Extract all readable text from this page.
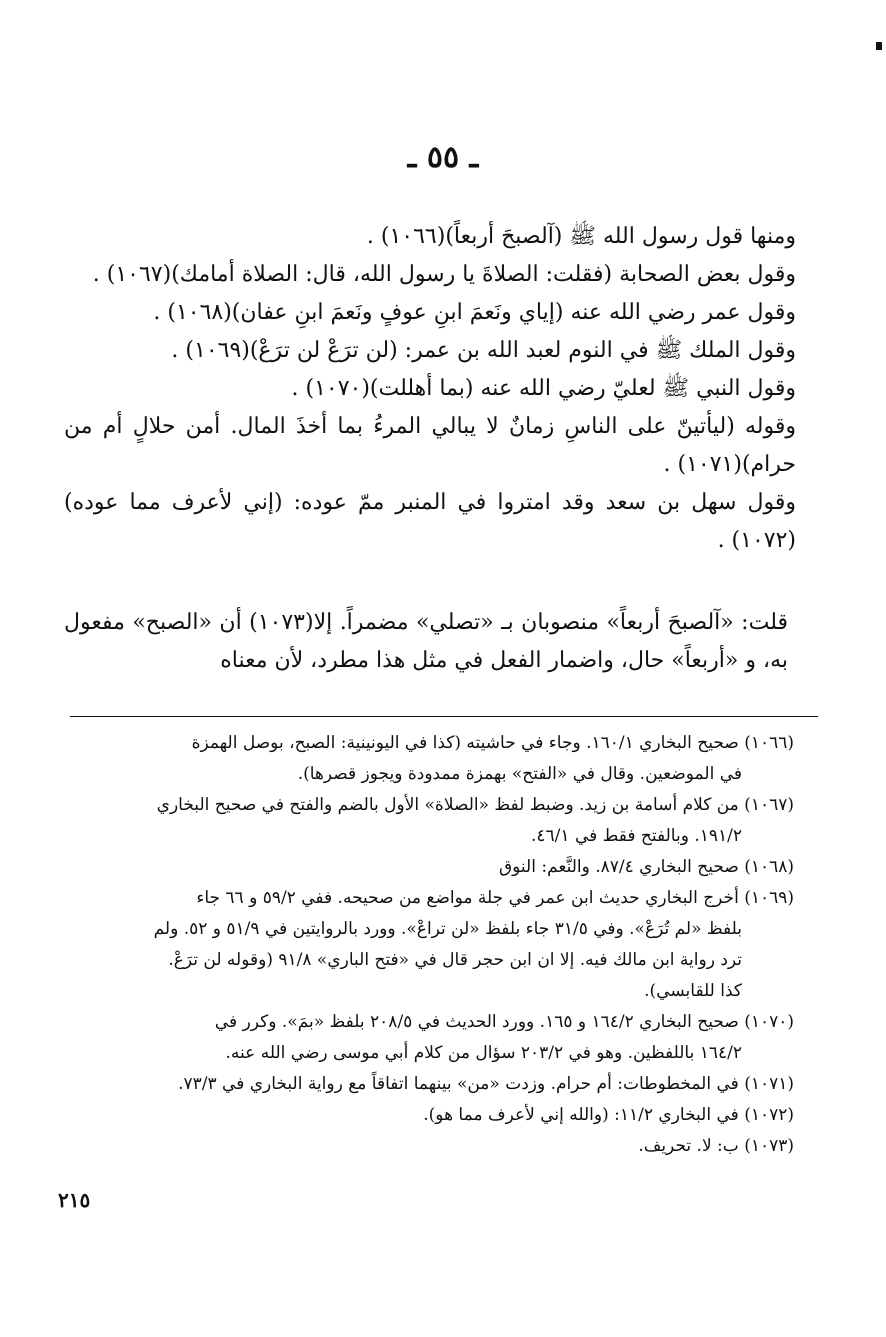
ـ ٥٥ ـ

ومنها قول رسول الله ﷺ (آلصبحَ أربعاً)(١٠٦٦) .

وقول بعض الصحابة (فقلت: الصلاةَ يا رسول الله، قال: الصلاة أمامك)(١٠٦٧) .

وقول عمر رضي الله عنه (إياي ونَعمَ ابنِ عوفٍ ونَعمَ ابنِ عفان)(١٠٦٨) .

وقول الملك ﷺ في النوم لعبد الله بن عمر: (لن ترَعْ لن ترَعْ)(١٠٦٩) .

وقول النبي ﷺ لعليّ رضي الله عنه (بما أهللت)(١٠٧٠) .

وقوله (ليأتينّ على الناسِ زمانٌ لا يبالي المرءُ بما أخذَ المال. أمن حلالٍ أم من حرام)(١٠٧١) .

وقول سهل بن سعد وقد امتروا في المنبر ممّ عوده: (إني لأعرف مما عوده)(١٠٧٢) .

قلت: «آلصبحَ أربعاً» منصوبان بـ «تصلي» مضمراً. إلا(١٠٧٣) أن «الصبح» مفعول به، و «أربعاً» حال، واضمار الفعل في مثل هذا مطرد، لأن معناه

(١٠٦٦) صحيح البخاري ١٦٠/١. وجاء في حاشيته (كذا في اليونينية: الصبح، بوصل الهمزة

في الموضعين. وقال في «الفتح» بهمزة ممدودة ويجوز قصرها).

(١٠٦٧) من كلام أسامة بن زيد. وضبط لفظ «الصلاة» الأول بالضم والفتح في صحيح البخاري

١٩١/٢. وبالفتح فقط في ٤٦/١.

(١٠٦٨) صحيح البخاري ٨٧/٤. والنَّعم: النوق

(١٠٦٩) أخرج البخاري حديث ابن عمر في جلة مواضع من صحيحه. ففي ٥٩/٢ و ٦٦ جاء

بلفظ «لم تُرَعْ». وفي ٣١/٥ جاء بلفظ «لن تراعْ». وورد بالروايتين في ٥١/٩ و ٥٢. ولم

ترد رواية ابن مالك فيه. إلا ان ابن حجر قال في «فتح الباري» ٩١/٨ (وقوله لن ترَعْ.

كذا للقابسي).

(١٠٧٠) صحيح البخاري ١٦٤/٢ و ١٦٥. وورد الحديث في ٢٠٨/٥ بلفظ «بمَ». وكرر في

١٦٤/٢ باللفظين. وهو في ٢٠٣/٢ سؤال من كلام أبي موسى رضي الله عنه.

(١٠٧١) في المخطوطات: أم حرام. وزدت «من» بينهما اتفاقاً مع رواية البخاري في ٧٣/٣.

(١٠٧٢) في البخاري ١١/٢: (والله إني لأعرف مما هو).

(١٠٧٣) ب: لا. تحريف.

٢١٥
